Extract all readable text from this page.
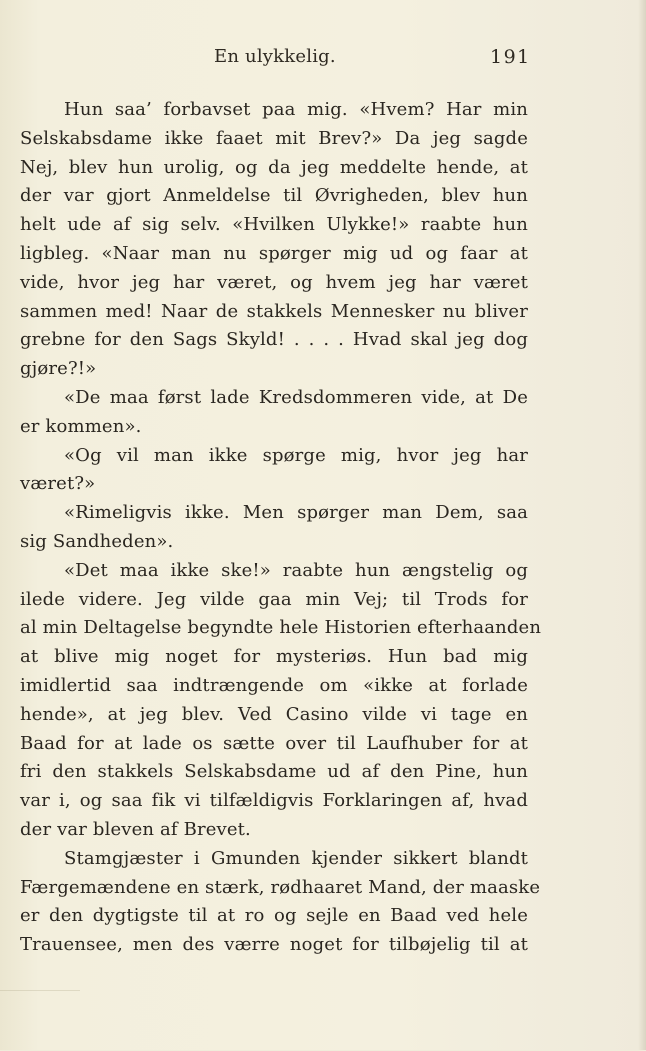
En ulykkelig.	191
Hun saa’ forbavset paa mig. «Hvem? Har min
Selskabsdame ikke faaet mit Brev?» Da jeg sagde
Nej, blev hun urolig, og da jeg meddelte hende, at
der var gjort Anmeldelse til Øvrigheden, blev hun
helt ude af sig selv. «Hvilken Ulykke!» raabte hun
ligbleg. «Naar man nu spørger mig ud og faar at
vide, hvor jeg har været, og hvem jeg har været
sammen med! Naar de stakkels Mennesker nu bliver
grebne for den Sags Skyld! . . . . Hvad skal jeg dog
gjøre?!»
«De maa først lade Kredsdommeren vide, at De
er kommen».
«Og vil man ikke spørge mig, hvor jeg har
været?»
«Rimeligvis ikke. Men spørger man Dem, saa
sig Sandheden».
«Det maa ikke ske!» raabte hun ængstelig og
ilede videre. Jeg vilde gaa min Vej; til Trods for
al min Deltagelse begyndte hele Historien efterhaanden
at blive mig noget for mysteriøs. Hun bad mig
imidlertid saa indtrængende om «ikke at forlade
hende», at jeg blev. Ved Casino vilde vi tage en
Baad for at lade os sætte over til Laufhuber for at
fri den stakkels Selskabsdame ud af den Pine, hun
var i, og saa fik vi tilfældigvis Forklaringen af, hvad
der var bleven af Brevet.
Stamgjæster i Gmunden kjender sikkert blandt
Færgemændene en stærk, rødhaaret Mand, der maaske
er den dygtigste til at ro og sejle en Baad ved hele
Trauensee, men des værre noget for tilbøjelig til at
